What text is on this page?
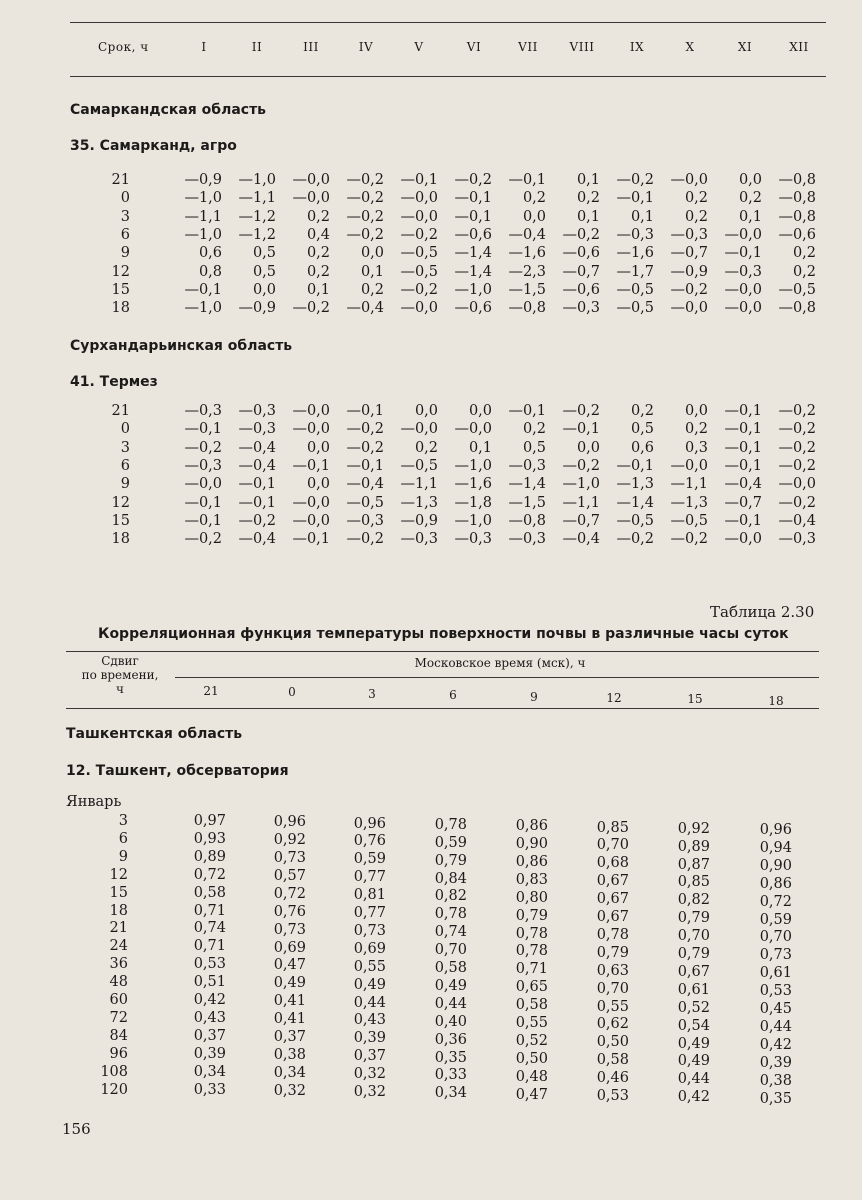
Срок, ч	I	II	III	IV	V	VI	VII	VIII	IX	X	XI	XII
Самаркандская область
35. Самарканд, агро
21	—0,9	—1,0	—0,0	—0,2	—0,1	—0,2	—0,1	0,1	—0,2	—0,0	0,0	—0,8
0	—1,0	—1,1	—0,0	—0,2	—0,0	—0,1	0,2	0,2	—0,1	0,2	0,2	—0,8
3	—1,1	—1,2	0,2	—0,2	—0,0	—0,1	0,0	0,1	0,1	0,2	0,1	—0,8
6	—1,0	—1,2	0,4	—0,2	—0,2	—0,6	—0,4	—0,2	—0,3	—0,3	—0,0	—0,6
9	0,6	0,5	0,2	0,0	—0,5	—1,4	—1,6	—0,6	—1,6	—0,7	—0,1	0,2
12	0,8	0,5	0,2	0,1	—0,5	—1,4	—2,3	—0,7	—1,7	—0,9	—0,3	0,2
15	—0,1	0,0	0,1	0,2	—0,2	—1,0	—1,5	—0,6	—0,5	—0,2	—0,0	—0,5
18	—1,0	—0,9	—0,2	—0,4	—0,0	—0,6	—0,8	—0,3	—0,5	—0,0	—0,0	—0,8
Сурхандарьинская область
41. Термез
21	—0,3	—0,3	—0,0	—0,1	0,0	0,0	—0,1	—0,2	0,2	0,0	—0,1	—0,2
0	—0,1	—0,3	—0,0	—0,2	—0,0	—0,0	0,2	—0,1	0,5	0,2	—0,1	—0,2
3	—0,2	—0,4	0,0	—0,2	0,2	0,1	0,5	0,0	0,6	0,3	—0,1	—0,2
6	—0,3	—0,4	—0,1	—0,1	—0,5	—1,0	—0,3	—0,2	—0,1	—0,0	—0,1	—0,2
9	—0,0	—0,1	0,0	—0,4	—1,1	—1,6	—1,4	—1,0	—1,3	—1,1	—0,4	—0,0
12	—0,1	—0,1	—0,0	—0,5	—1,3	—1,8	—1,5	—1,1	—1,4	—1,3	—0,7	—0,2
15	—0,1	—0,2	—0,0	—0,3	—0,9	—1,0	—0,8	—0,7	—0,5	—0,5	—0,1	—0,4
18	—0,2	—0,4	—0,1	—0,2	—0,3	—0,3	—0,3	—0,4	—0,2	—0,2	—0,0	—0,3
Таблица 2.30
Корреляционная функция температуры поверхности почвы в различные часы суток
Сдвиг
по времени,
ч
Московское время (мск), ч
21	0	3	6	9	12	15	18
Ташкентская область
12. Ташкент, обсерватория
Январь
3	0,97	0,96	0,96	0,78	0,86	0,85	0,92	0,96
6	0,93	0,92	0,76	0,59	0,90	0,70	0,89	0,94
9	0,89	0,73	0,59	0,79	0,86	0,68	0,87	0,90
12	0,72	0,57	0,77	0,84	0,83	0,67	0,85	0,86
15	0,58	0,72	0,81	0,82	0,80	0,67	0,82	0,72
18	0,71	0,76	0,77	0,78	0,79	0,67	0,79	0,59
21	0,74	0,73	0,73	0,74	0,78	0,78	0,70	0,70
24	0,71	0,69	0,69	0,70	0,78	0,79	0,79	0,73
36	0,53	0,47	0,55	0,58	0,71	0,63	0,67	0,61
48	0,51	0,49	0,49	0,49	0,65	0,70	0,61	0,53
60	0,42	0,41	0,44	0,44	0,58	0,55	0,52	0,45
72	0,43	0,41	0,43	0,40	0,55	0,62	0,54	0,44
84	0,37	0,37	0,39	0,36	0,52	0,50	0,49	0,42
96	0,39	0,38	0,37	0,35	0,50	0,58	0,49	0,39
108	0,34	0,34	0,32	0,33	0,48	0,46	0,44	0,38
120	0,33	0,32	0,32	0,34	0,47	0,53	0,42	0,35
156
